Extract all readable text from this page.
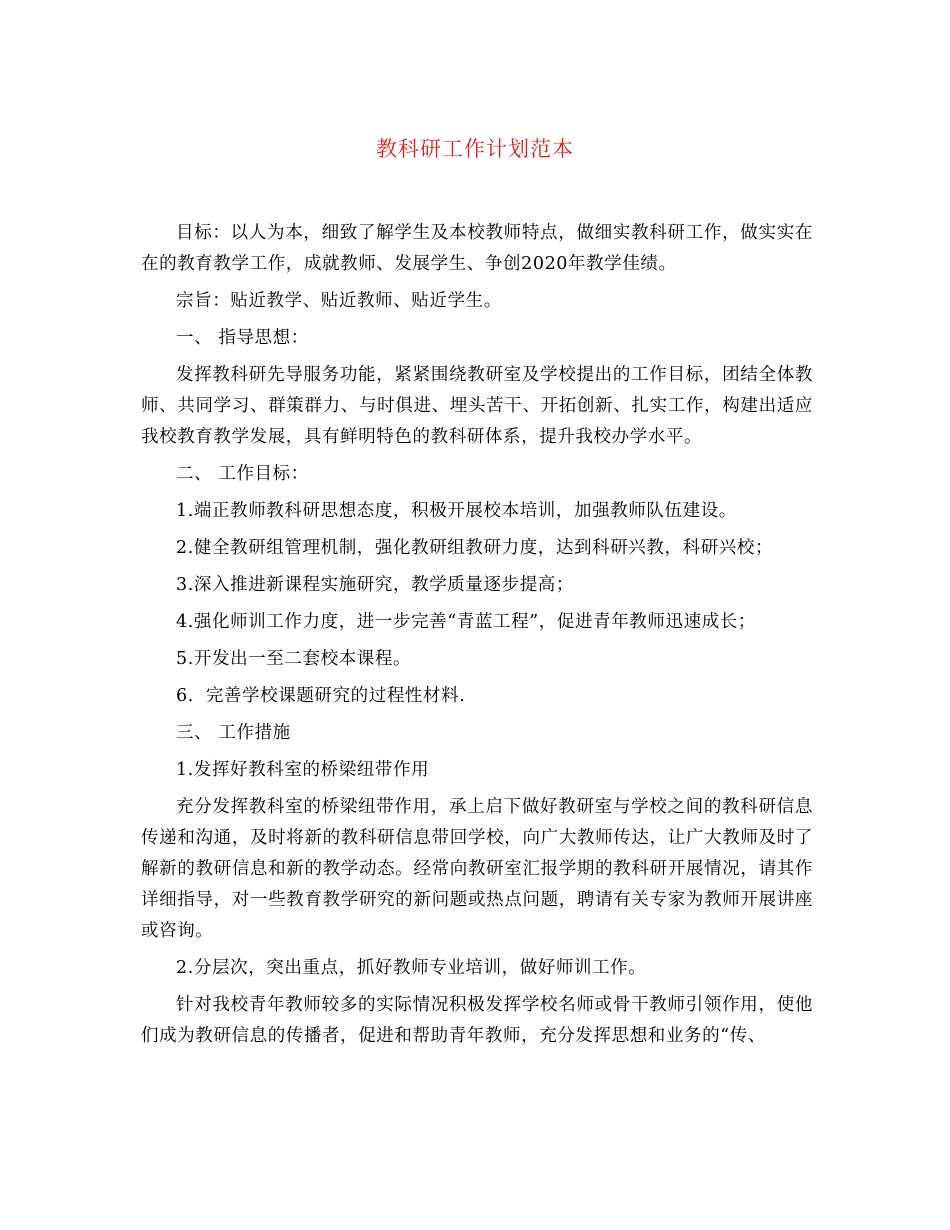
教科研工作计划范本

目标：以人为本，细致了解学生及本校教师特点，做细实教科研工作，做实实在在的教育教学工作，成就教师、发展学生、争创2020年教学佳绩。

宗旨：贴近教学、贴近教师、贴近学生。

一、 指导思想：

发挥教科研先导服务功能，紧紧围绕教研室及学校提出的工作目标，团结全体教师、共同学习、群策群力、与时俱进、埋头苦干、开拓创新、扎实工作，构建出适应我校教育教学发展，具有鲜明特色的教科研体系，提升我校办学水平。

二、 工作目标：

1.端正教师教科研思想态度，积极开展校本培训，加强教师队伍建设。

2.健全教研组管理机制，强化教研组教研力度，达到科研兴教，科研兴校；

3.深入推进新课程实施研究，教学质量逐步提高；

4.强化师训工作力度，进一步完善“青蓝工程”，促进青年教师迅速成长；

5.开发出一至二套校本课程。

6．完善学校课题研究的过程性材料.

三、 工作措施

1.发挥好教科室的桥梁纽带作用

充分发挥教科室的桥梁纽带作用，承上启下做好教研室与学校之间的教科研信息传递和沟通，及时将新的教科研信息带回学校，向广大教师传达，让广大教师及时了解新的教研信息和新的教学动态。经常向教研室汇报学期的教科研开展情况，请其作详细指导，对一些教育教学研究的新问题或热点问题，聘请有关专家为教师开展讲座或咨询。

2.分层次，突出重点，抓好教师专业培训，做好师训工作。

针对我校青年教师较多的实际情况积极发挥学校名师或骨干教师引领作用，使他们成为教研信息的传播者，促进和帮助青年教师，充分发挥思想和业务的“传、
